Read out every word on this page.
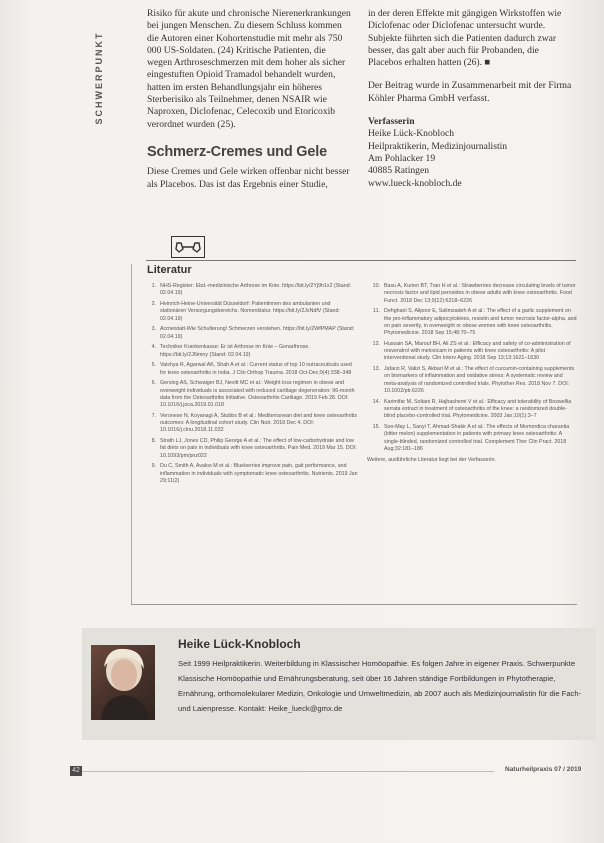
SCHWERPUNKT

Risiko für akute und chronische Nierenerkrankungen bei jungen Menschen. Zu diesem Schluss kommen die Autoren einer Kohortenstudie mit mehr als 750 000 US-Soldaten. (24) Kritische Patienten, die wegen Arthroseschmerzen mit dem hoher als sicher eingestuften Opioid Tramadol behandelt wurden, hatten im ersten Behandlungsjahr ein höheres Sterberisiko als Teilnehmer, denen NSAIR wie Naproxen, Diclofenac, Celecoxib und Etoricoxib verordnet wurden (25).

Schmerz-Cremes und Gele

Diese Cremes und Gele wirken offenbar nicht besser als Placebos. Das ist das Ergebnis einer Studie,

in der deren Effekte mit gängigen Wirkstoffen wie Diclofenac oder Diclofenac untersucht wurde. Subjekte führten sich die Patienten dadurch zwar besser, das galt aber auch für Probanden, die Placebos erhalten hatten (26). ■

Der Beitrag wurde in Zusammenarbeit mit der Firma Köhler Pharma GmbH verfasst.

Verfasserin

Heike Lück-Knobloch

Heilpraktikerin, Medizinjournalistin

Am Pohlacker 19

40885 Ratingen

www.lueck-knobloch.de

Literatur
1. NHS-Register: Ebd.-medizinische Arthrose im Knie. https://bit.ly/2Yj9h1x2 (Stand: 02.04.19)
2. Heinrich-Heine-Universität Düsseldorf: Patientinnen des ambulanten und stationären Versorgungsbereichs. Nomenklatur. https://bit.ly/2JsNdfV (Stand: 02.04.19)
3. Arzneistatt-Wie Schulterung! Schmerzen verstehen. https://bit.ly/2WfPMAP (Stand: 02.04.19)
4. Techniker Krankenkasse: Er ist Arthrose im Knie – Gonarthrose. https://bit.ly/2J6imny (Stand: 02.04.19)
5. Vaishya R, Agarwal AK, Shah A et al.: Current status of top 10 nutraceuticals used for knee osteoarthritis in India. J Clin Orthop Trauma. 2018 Oct-Dec;9(4):338–348
6. Gersing AS, Schwaiger BJ, Nevitt MC et al.: Weight loss regimen in obese and overweight individuals is associated with reduced cartilage degeneration: 96-month data from the Osteoarthritis Initiative. Osteoarthritis Cartilage. 2019 Feb 28. DOI: 10.1016/j.joca.2019.01.018
7. Veronese N, Koyanagi A, Stubbs B et al.: Mediterranean diet and knee osteoarthritis outcomes: A longitudinal cohort study. Clin Nutr. 2018 Dec 4. DOI: 10.1016/j.clnu.2018.11.032
8. Strath LJ, Jones CD, Philip George A et al.: The effect of low-carbohydrate and low fat diets on pain in individuals with knee osteoarthritis. Pain Med. 2019 Mar 15. DOI: 10.1093/pm/pnz022
9. Du C, Smith A, Avalos M et al.: Blueberries improve pain, gait performance, and inflammation in individuals with symptomatic knee osteoarthritis. Nutrients. 2019 Jan 29;11(2)
10. Basu A, Kurien BT, Tran H et al.: Strawberries decrease circulating levels of tumor necrosis factor and lipid peroxides in obese adults with knee osteoarthritis. Food Funct. 2018 Dec 13;9(12):6218–6226
11. Dehghani S, Alipoor E, Salimzadeh A et al.: The effect of a garlic supplement on the pro-inflammatory adipocytokines, resistin and tumor necrosis factor-alpha, and on pain severity, in overweight or obese women with knee osteoarthritis. Phytomedicine. 2018 Sep 15;48:70–75
12. Hussain SA, Marouf BH, Ali ZS et al.: Efficacy and safety of co-administration of resveratrol with meloxicam in patients with knee osteoarthritis: A pilot interventional study. Clin Interv Aging. 2018 Sep 13;13:1621–1630
13. Jafarzi R, Valizi S, Akbari M et al.: The effect of curcumin-containing supplements on biomarkers of inflammation and oxidative stress: A systematic review and meta-analysis of randomized controlled trials. Phytother Res. 2018 Nov 7. DOI: 10.1002/ptr.6226
14. Karimifar M, Soltani R, Hajhashemi V et al.: Efficacy and tolerability of Boswellia serrata extract in treatment of osteoarthritis of the knee: a randomized double-blind placebo-controlled trial. Phytomedicine. 2003 Jan;10(1):3–7
15. Soo-May L, Sanyi T, Ahmad-Shakir A et al.: The effects of Momordica charantia (bitter melon) supplementation in patients with primary knee osteoarthritis: A single-blinded, randomized controlled trial. Complement Ther Clin Pract. 2018 Aug;32:181–186
Weitere, ausführliche Literatur liegt bei der Verfasserin.
Heike Lück-Knobloch

Seit 1999 Heilpraktikerin. Weiterbildung in Klassischer Homöopathie. Es folgen Jahre in eigener Praxis. Schwerpunkte Klassische Homöopathie und Ernährungsberatung, seit über 16 Jahren ständige Fortbildungen in Phytotherapie, Ernährung, orthomolekularer Medizin, Onkologie und Umweltmedizin, ab 2007 auch als Medizinjournalistin für die Fach- und Laienpresse. Kontakt: Heike_lueck@gmx.de

42	Naturheilpraxis 07 / 2019
